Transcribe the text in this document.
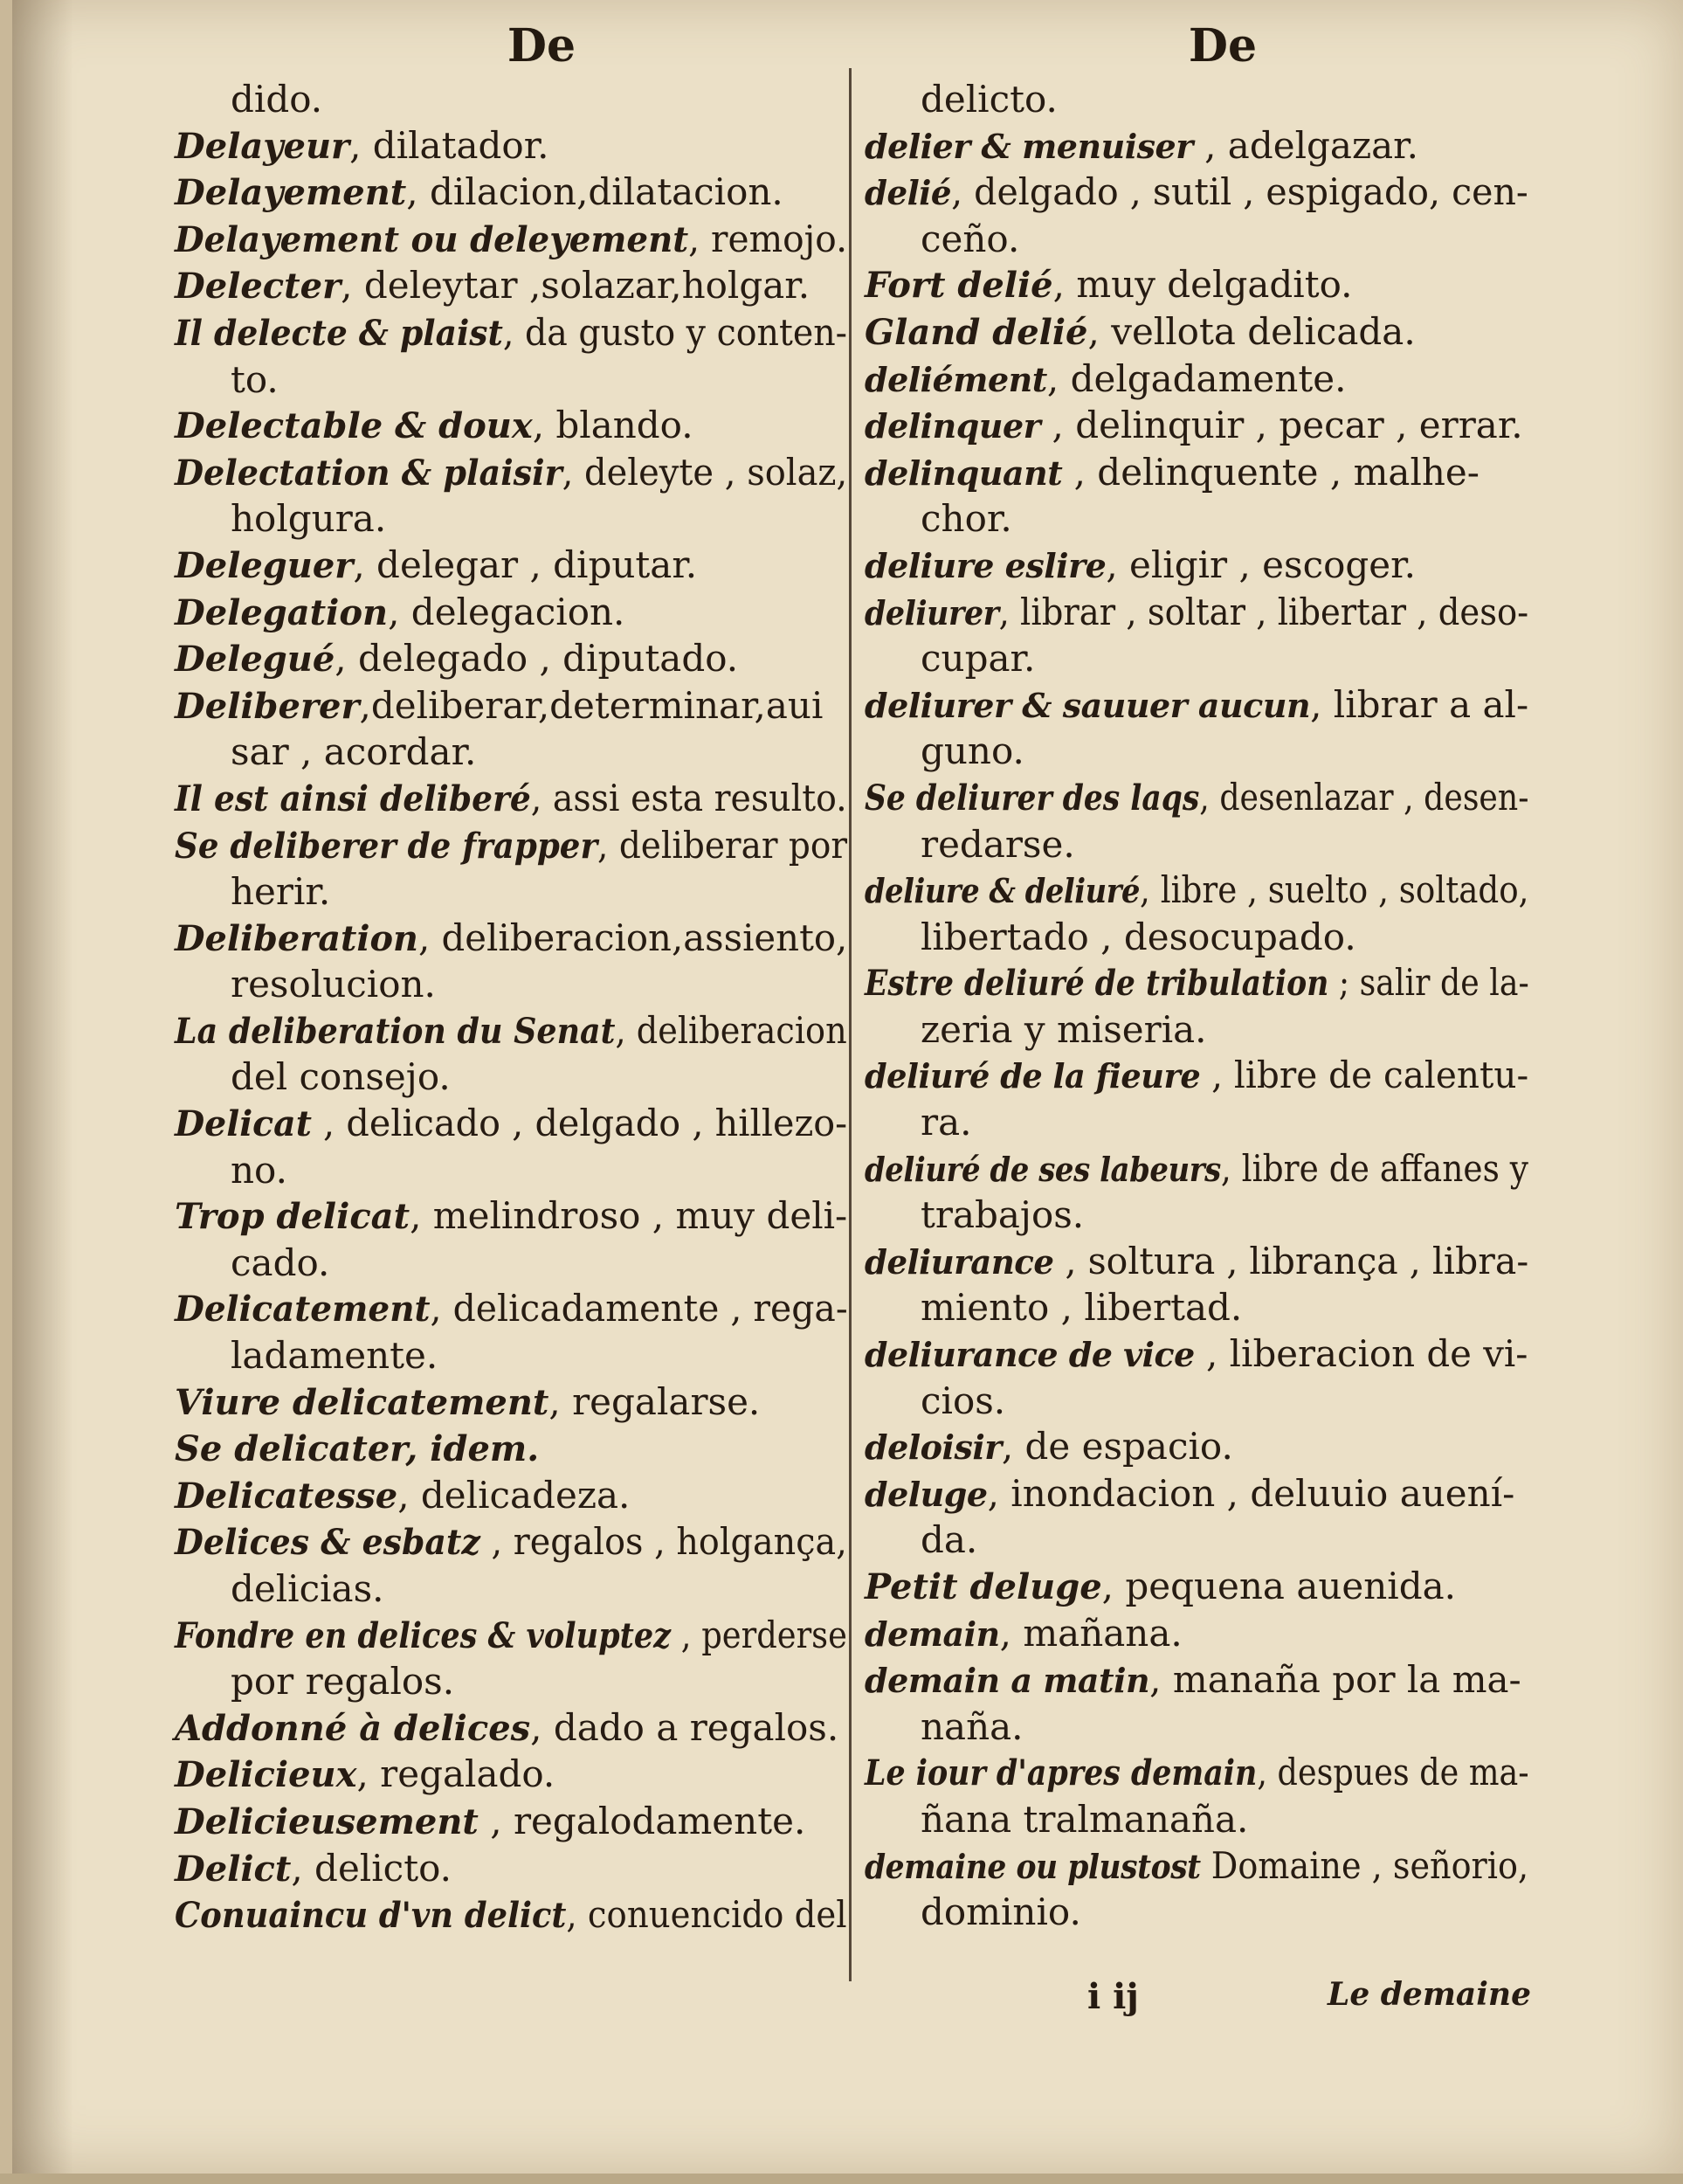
De	De

dido.

Delayeur, dilatador.

Delayement, dilacion,dilatacion.

Delayement ou deleyement, remojo.

Delecter, deleytar ,solazar,holgar.

Il delecte & plaist, da gusto y conten-

to.

Delectable & doux, blando.

Delectation & plaisir, deleyte , solaz,

holgura.

Deleguer, delegar , diputar.

Delegation, delegacion.

Delegué, delegado , diputado.

Deliberer,deliberar,determinar,aui

sar , acordar.

Il est ainsi deliberé, assi esta resulto.

Se deliberer de frapper, deliberar por

herir.

Deliberation, deliberacion,assiento,

resolucion.

La deliberation du Senat, deliberacion

del consejo.

Delicat , delicado , delgado , hillezo-

no.

Trop delicat, melindroso , muy deli-

cado.

Delicatement, delicadamente , rega-

ladamente.

Viure delicatement, regalarse.

Se delicater, idem.

Delicatesse, delicadeza.

Delices & esbatz , regalos , holgança,

delicias.

Fondre en delices & voluptez , perderse

por regalos.

Addonné à delices, dado a regalos.

Delicieux, regalado.

Delicieusement , regalodamente.

Delict, delicto.

Conuaincu d'vn delict, conuencido del

delicto.

delier & menuiser , adelgazar.

delié, delgado , sutil , espigado, cen-

ceño.

Fort delié, muy delgadito.

Gland delié, vellota delicada.

deliément, delgadamente.

delinquer , delinquir , pecar , errar.

delinquant , delinquente , malhe-

chor.

deliure eslire, eligir , escoger.

deliurer, librar , soltar , libertar , deso-

cupar.

deliurer & sauuer aucun, librar a al-

guno.

Se deliurer des laqs, desenlazar , desen-

redarse.

deliure & deliuré, libre , suelto , soltado,

libertado , desocupado.

Estre deliuré de tribulation ; salir de la-

zeria y miseria.

deliuré de la fieure , libre de calentu-

ra.

deliuré de ses labeurs, libre de affanes y

trabajos.

deliurance , soltura , librança , libra-

miento , libertad.

deliurance de vice , liberacion de vi-

cios.

deloisir, de espacio.

deluge, inondacion , deluuio auení-

da.

Petit deluge, pequena auenida.

demain, mañana.

demain a matin, manaña por la ma-

naña.

Le iour d'apres demain, despues de ma-

ñana tralmanaña.

demaine ou plustost Domaine , señorio,

dominio.

i ij	Le demaine
